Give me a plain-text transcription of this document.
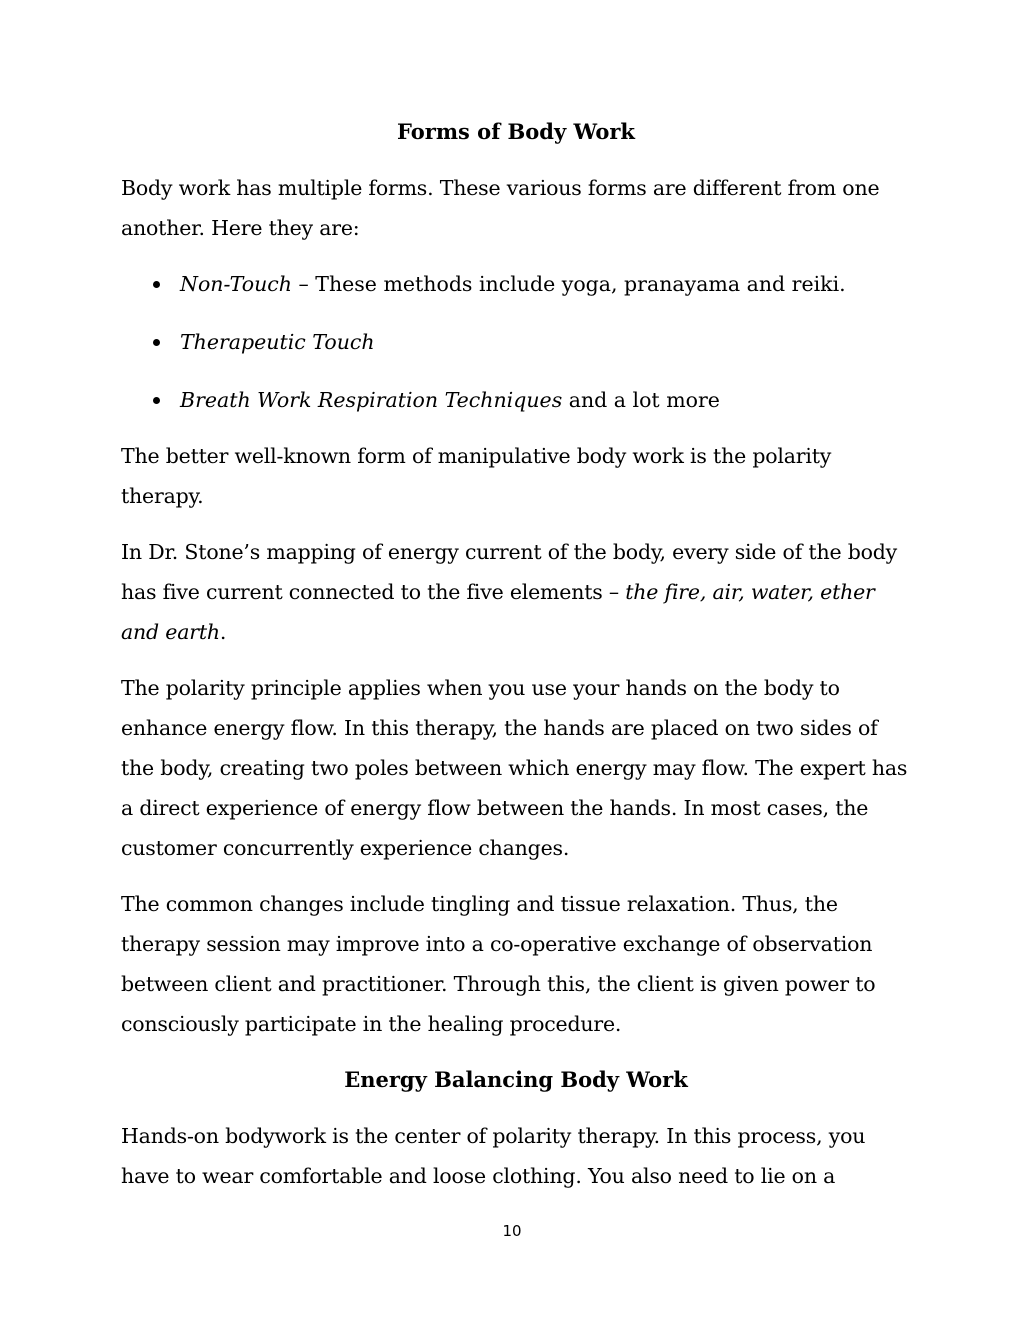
Forms of Body Work

Body work has multiple forms. These various forms are different from one another. Here they are:

Non-Touch – These methods include yoga, pranayama and reiki.
Therapeutic Touch
Breath Work Respiration Techniques and a lot more

The better well-known form of manipulative body work is the polarity therapy.

In Dr. Stone’s mapping of energy current of the body, every side of the body has five current connected to the five elements – the fire, air, water, ether and earth.

The polarity principle applies when you use your hands on the body to enhance energy flow. In this therapy, the hands are placed on two sides of the body, creating two poles between which energy may flow. The expert has a direct experience of energy flow between the hands. In most cases, the customer concurrently experience changes.

The common changes include tingling and tissue relaxation. Thus, the therapy session may improve into a co-operative exchange of observation between client and practitioner. Through this, the client is given power to consciously participate in the healing procedure.

Energy Balancing Body Work

Hands-on bodywork is the center of polarity therapy. In this process, you have to wear comfortable and loose clothing. You also need to lie on a

10
